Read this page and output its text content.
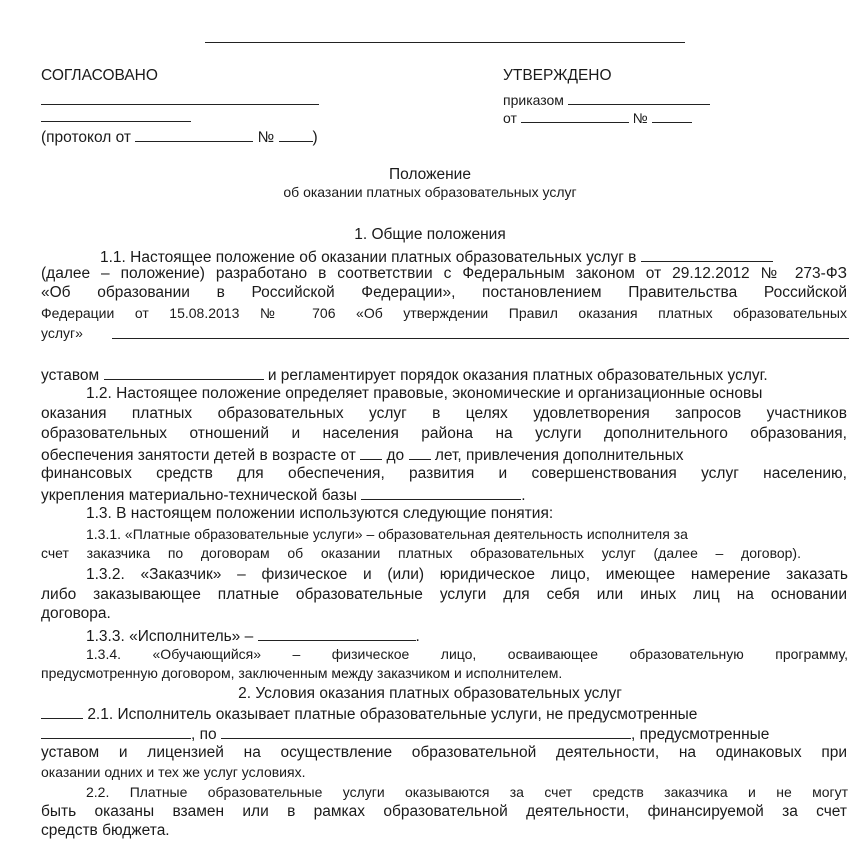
СОГЛАСОВАНО
(протокол от	№ )
УТВЕРЖДЕНО
приказом
от	№
Положение
об оказании платных образовательных услуг
1. Общие положения
1.1. Настоящее положение об оказании платных образовательных услуг в
(далее – положение) разработано в соответствии с Федеральным законом от 29.12.2012 № 273-ФЗ
«Об образовании в Российской Федерации», постановлением Правительства Российской
Федерации от 15.08.2013 № 706 «Об утверждении Правил оказания платных образовательных
услуг»
уставом	и регламентирует порядок оказания платных образовательных услуг.
1.2. Настоящее положение определяет правовые, экономические и организационные основы
оказания платных образовательных услуг в целях удовлетворения запросов участников
образовательных отношений и населения района на услуги дополнительного образования,
обеспечения занятости детей в возрасте от до лет, привлечения дополнительных
финансовых средств для обеспечения, развития и совершенствования услуг населению,
укрепления материально-технической базы	.
1.3. В настоящем положении используются следующие понятия:
1.3.1. «Платные образовательные услуги» – образовательная деятельность исполнителя за
счет заказчика по договорам об оказании платных образовательных услуг (далее – договор).
1.3.2. «Заказчик» – физическое и (или) юридическое лицо, имеющее намерение заказать
либо заказывающее платные образовательные услуги для себя или иных лиц на основании
договора.
1.3.3. «Исполнитель» –	.
1.3.4. «Обучающийся» – физическое лицо, осваивающее образовательную программу,
предусмотренную договором, заключенным между заказчиком и исполнителем.
2. Условия оказания платных образовательных услуг
2.1. Исполнитель оказывает платные образовательные услуги, не предусмотренные
, по	, предусмотренные
уставом и лицензией на осуществление образовательной деятельности, на одинаковых при
оказании одних и тех же услуг условиях.
2.2. Платные образовательные услуги оказываются за счет средств заказчика и не могут
быть оказаны взамен или в рамках образовательной деятельности, финансируемой за счет
средств бюджета.
